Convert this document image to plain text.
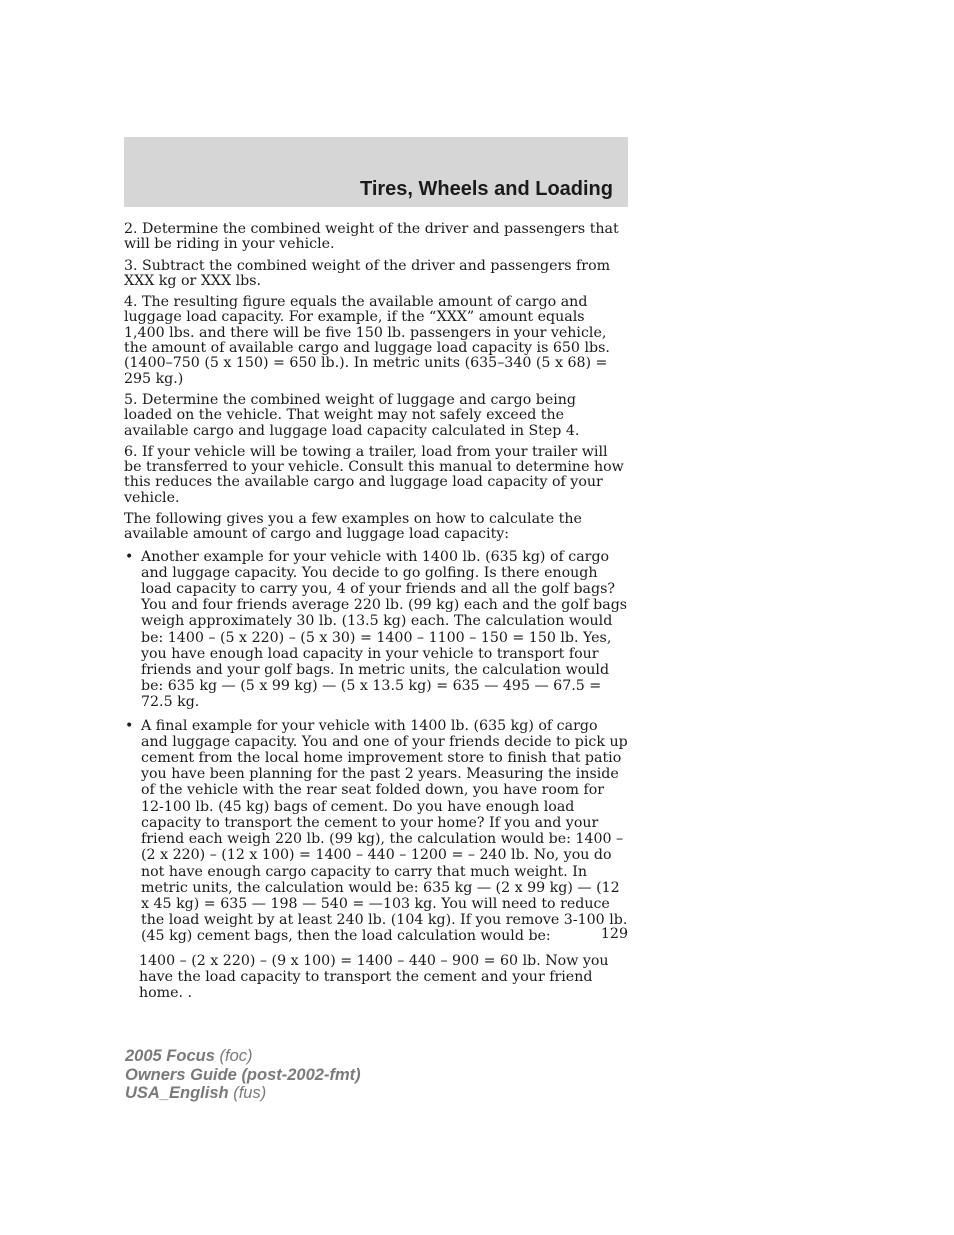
Tires, Wheels and Loading

2. Determine the combined weight of the driver and passengers that will be riding in your vehicle.

3. Subtract the combined weight of the driver and passengers from XXX kg or XXX lbs.

4. The resulting figure equals the available amount of cargo and luggage load capacity. For example, if the “XXX” amount equals 1,400 lbs. and there will be five 150 lb. passengers in your vehicle, the amount of available cargo and luggage load capacity is 650 lbs. (1400–750 (5 x 150) = 650 lb.). In metric units (635–340 (5 x 68) = 295 kg.)

5. Determine the combined weight of luggage and cargo being loaded on the vehicle. That weight may not safely exceed the available cargo and luggage load capacity calculated in Step 4.

6. If your vehicle will be towing a trailer, load from your trailer will be transferred to your vehicle. Consult this manual to determine how this reduces the available cargo and luggage load capacity of your vehicle.

The following gives you a few examples on how to calculate the available amount of cargo and luggage load capacity:

• Another example for your vehicle with 1400 lb. (635 kg) of cargo and luggage capacity. You decide to go golfing. Is there enough load capacity to carry you, 4 of your friends and all the golf bags? You and four friends average 220 lb. (99 kg) each and the golf bags weigh approximately 30 lb. (13.5 kg) each. The calculation would be: 1400 – (5 x 220) – (5 x 30) = 1400 – 1100 – 150 = 150 lb. Yes, you have enough load capacity in your vehicle to transport four friends and your golf bags. In metric units, the calculation would be: 635 kg — (5 x 99 kg) — (5 x 13.5 kg) = 635 — 495 — 67.5 = 72.5 kg.
• A final example for your vehicle with 1400 lb. (635 kg) of cargo and luggage capacity. You and one of your friends decide to pick up cement from the local home improvement store to finish that patio you have been planning for the past 2 years. Measuring the inside of the vehicle with the rear seat folded down, you have room for 12-100 lb. (45 kg) bags of cement. Do you have enough load capacity to transport the cement to your home? If you and your friend each weigh 220 lb. (99 kg), the calculation would be: 1400 – (2 x 220) – (12 x 100) = 1400 – 440 – 1200 = – 240 lb. No, you do not have enough cargo capacity to carry that much weight. In metric units, the calculation would be: 635 kg — (2 x 99 kg) — (12 x 45 kg) = 635 — 198 — 540 = —103 kg. You will need to reduce the load weight by at least 240 lb. (104 kg). If you remove 3-100 lb. (45 kg) cement bags, then the load calculation would be:

1400 – (2 x 220) – (9 x 100) = 1400 – 440 – 900 = 60 lb. Now you have the load capacity to transport the cement and your friend home. .

129
2005 Focus (foc)
Owners Guide (post-2002-fmt)
USA_English (fus)
